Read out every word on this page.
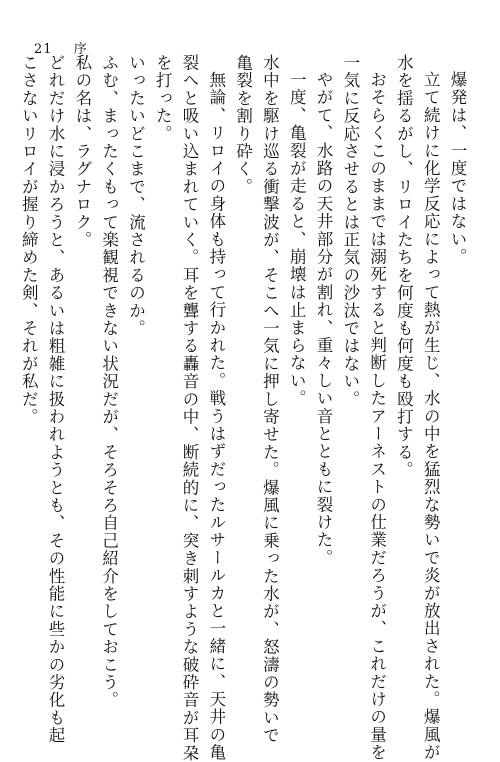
21 序
爆発は、一度ではない。
立て続けに化学反応によって熱が生じ、水の中を猛烈な勢いで炎が放出された。爆風が
水を揺るがし、リロイたちを何度も何度も殴打する。
おそらくこのままでは溺死すると判断したアーネストの仕業だろうが、これだけの量を
一気に反応させるとは正気の沙汰ではない。
やがて、水路の天井部分が割れ、重々しい音とともに裂けた。
一度、亀裂が走ると、崩壊は止まらない。
水中を駆け巡る衝撃波が、そこへ一気に押し寄せた。爆風に乗った水が、怒濤の勢いで
亀裂を割り砕く。
無論、リロイの身体も持って行かれた。戦うはずだったルサールカと一緒に、天井の亀
裂へと吸い込まれていく。耳を聾する轟音の中、断続的に、突き刺すような破砕音が耳朶
を打った。
いったいどこまで、流されるのか。
ふむ、まったくもって楽観視できない状況だが、そろそろ自己紹介をしておこう。
私の名は、ラグナロク。
どれだけ水に浸かろうと、あるいは粗雑に扱われようとも、その性能に些かの劣化も起
こさないリロイが握り締めた剣、それが私だ。
